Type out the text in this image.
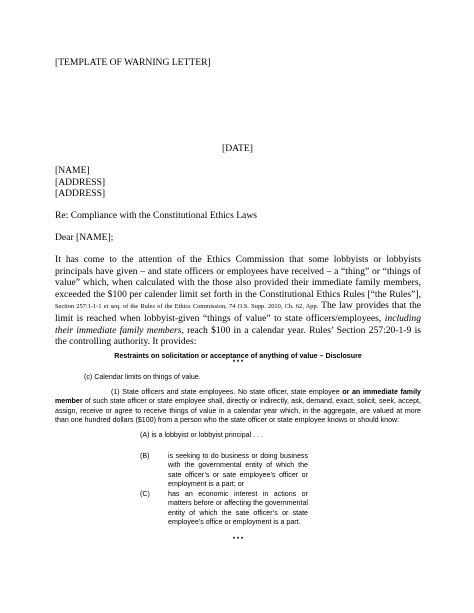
[TEMPLATE OF WARNING LETTER]
[DATE]
[NAME]
[ADDRESS]
[ADDRESS]
Re: Compliance with the Constitutional Ethics Laws
Dear [NAME];
It has come to the attention of the Ethics Commission that some lobbyists or lobbyists principals have given – and state officers or employees have received – a “thing” or “things of value” which, when calculated with the those also provided their immediate family members, exceeded the $100 per calender limit set forth in the Constitutional Ethics Rules [“the Rules”], Section 257:1-1-1 et seq. of the Rules of the Ethics Commission, 74 O.S. Supp. 2010, Ch. 62, App. The law provides that the limit is reached when lobbyist-given “things of value” to state officers/employees, including their immediate family members, reach $100 in a calendar year. Rules’ Section 257:20-1-9 is the controlling authority. It provides:
Restraints on solicitation or acceptance of anything of value – Disclosure
* * *
(c) Calendar limits on things of value.
(1) State officers and state employees. No state officer, state employee or an immediate family member of such state officer or state employee shall, directly or indirectly, ask, demand, exact, solicit, seek, accept, assign, receive or agree to receive things of value in a calendar year which, in the aggregate, are valued at more than one hundred dollars ($100) from a person who the state officer or state employee knows or should know:
(A) is a lobbyist or lobbyist principal . . .
(B)	is seeking to do business or doing business with the governmental entity of which the sate officer’s or sate employee’s officer or employment is a part; or
(C)	has an economic interest in actions or matters before or affecting the governmental entity of which the sate officer’s or state employee’s office or employment is a part.
* * *
